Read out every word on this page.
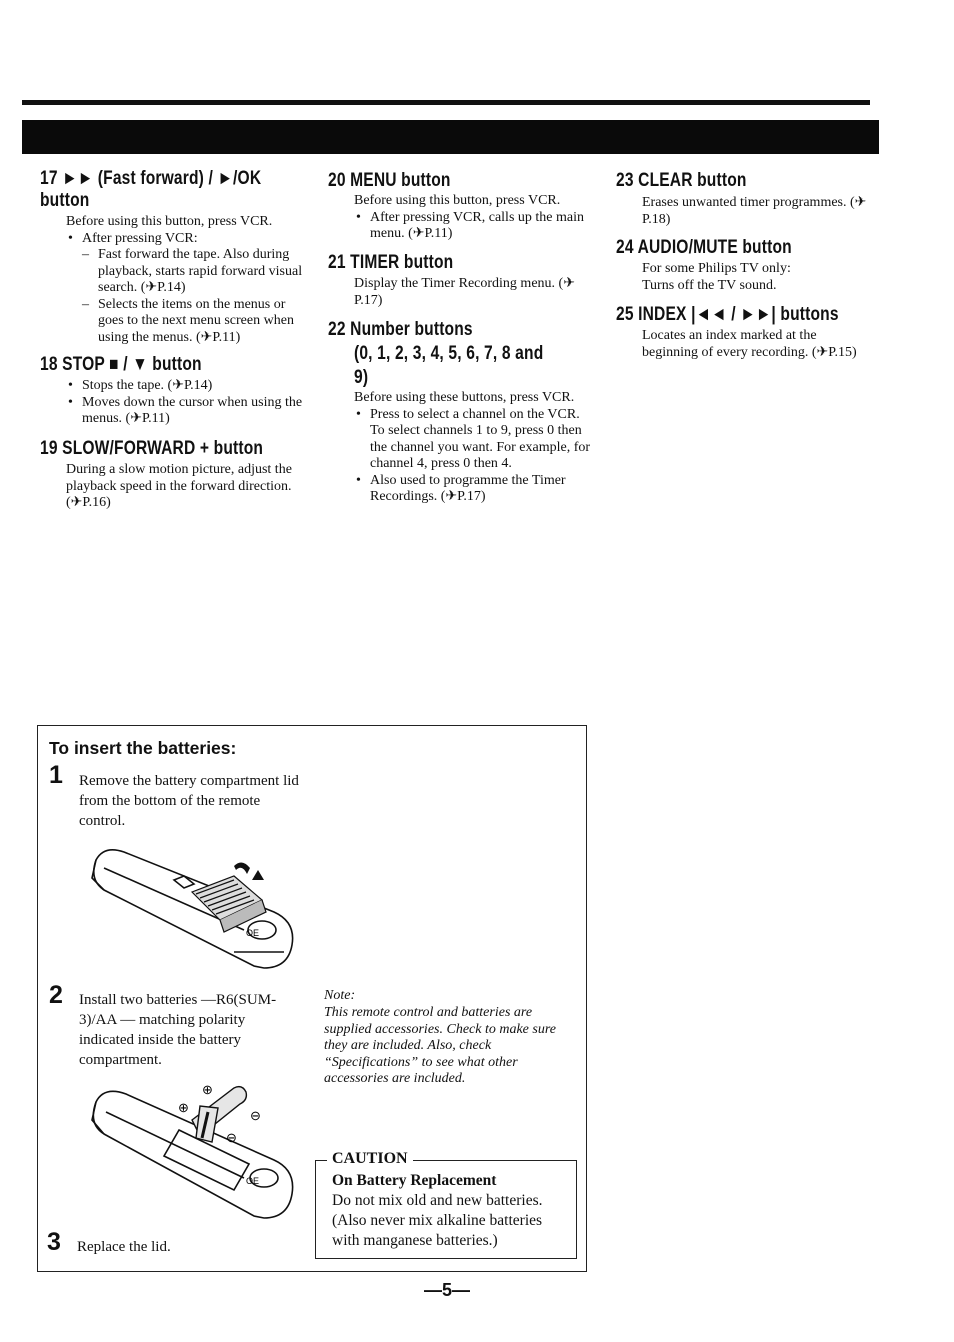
17 ►► (Fast forward) / ►/OK button

Before using this button, press VCR.

• After pressing VCR:

– Fast forward the tape. Also during playback, starts rapid forward visual search. (✈P.14)

– Selects the items on the menus or goes to the next menu screen when using the menus. (✈P.11)

18 STOP ■ / ▼ button

• Stops the tape. (✈P.14)

• Moves down the cursor when using the menus. (✈P.11)

19 SLOW/FORWARD + button

During a slow motion picture, adjust the playback speed in the forward direction. (✈P.16)

20 MENU button

Before using this button, press VCR.

• After pressing VCR, calls up the main menu. (✈P.11)

21 TIMER button

Display the Timer Recording menu. (✈P.17)

22 Number buttons
(0, 1, 2, 3, 4, 5, 6, 7, 8 and
9)

Before using these buttons, press VCR.

• Press to select a channel on the VCR. To select channels 1 to 9, press 0 then the channel you want. For example, for channel 4, press 0 then 4.

• Also used to programme the Timer Recordings. (✈P.17)

23 CLEAR button

Erases unwanted timer programmes. (✈P.18)

24 AUDIO/MUTE button

For some Philips TV only:

Turns off the TV sound.

25 INDEX |◄◄ / ►►| buttons

Locates an index marked at the beginning of every recording. (✈P.15)

To insert the batteries:
1 Remove the battery compartment lid from the bottom of the remote control.
OE
2 Install two batteries —R6(SUM-3)/AA — matching polarity indicated inside the battery compartment.
⊕
⊕
⊖
⊖
OE
3 Replace the lid.
Note:
This remote control and batteries are supplied accessories. Check to make sure they are included. Also, check “Specifications” to see what other accessories are included.
CAUTION
On Battery Replacement
Do not mix old and new batteries. (Also never mix alkaline batteries with manganese batteries.)
—5—
